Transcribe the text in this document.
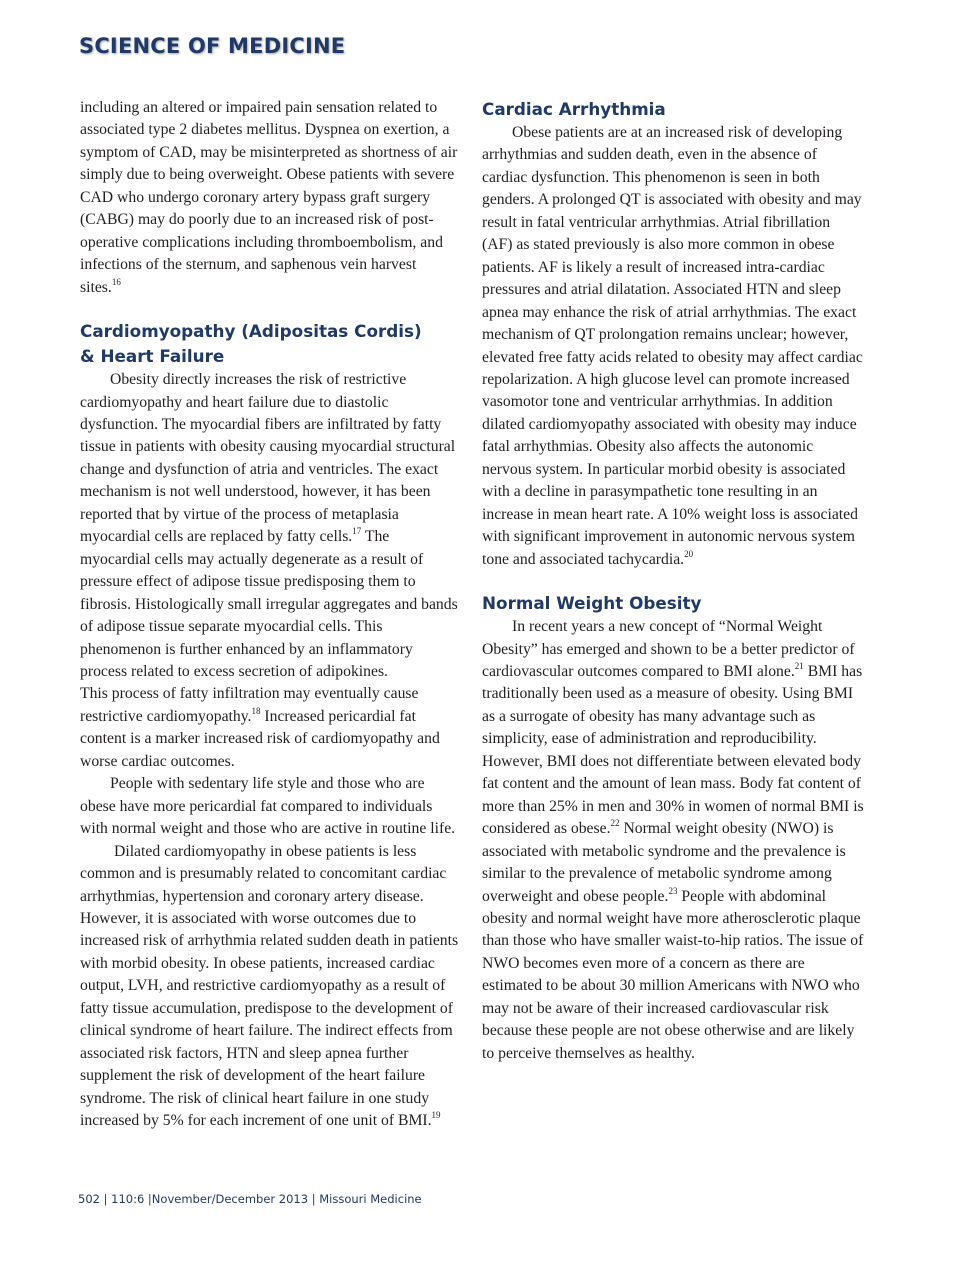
SCIENCE OF MEDICINE

including an altered or impaired pain sensation related to associated type 2 diabetes mellitus. Dyspnea on exertion, a symptom of CAD, may be misinterpreted as shortness of air simply due to being overweight. Obese patients with severe CAD who undergo coronary artery bypass graft surgery (CABG) may do poorly due to an increased risk of post-operative complications including thromboembolism, and infections of the sternum, and saphenous vein harvest sites.$^{16}$

Cardiomyopathy (Adipositas Cordis)
& Heart Failure

Obesity directly increases the risk of restrictive cardiomyopathy and heart failure due to diastolic dysfunction. The myocardial fibers are infiltrated by fatty tissue in patients with obesity causing myocardial structural change and dysfunction of atria and ventricles. The exact mechanism is not well understood, however, it has been reported that by virtue of the process of metaplasia myocardial cells are replaced by fatty cells.$^{17}$ The myocardial cells may actually degenerate as a result of pressure effect of adipose tissue predisposing them to fibrosis. Histologically small irregular aggregates and bands of adipose tissue separate myocardial cells. This phenomenon is further enhanced by an inflammatory process related to excess secretion of adipokines.

This process of fatty infiltration may eventually cause restrictive cardiomyopathy.$^{18}$ Increased pericardial fat content is a marker increased risk of cardiomyopathy and worse cardiac outcomes.

People with sedentary life style and those who are obese have more pericardial fat compared to individuals with normal weight and those who are active in routine life.

Dilated cardiomyopathy in obese patients is less common and is presumably related to concomitant cardiac arrhythmias, hypertension and coronary artery disease. However, it is associated with worse outcomes due to increased risk of arrhythmia related sudden death in patients with morbid obesity. In obese patients, increased cardiac output, LVH, and restrictive cardiomyopathy as a result of fatty tissue accumulation, predispose to the development of clinical syndrome of heart failure. The indirect effects from associated risk factors, HTN and sleep apnea further supplement the risk of development of the heart failure syndrome. The risk of clinical heart failure in one study increased by 5% for each increment of one unit of BMI.$^{19}$

Cardiac Arrhythmia

Obese patients are at an increased risk of developing arrhythmias and sudden death, even in the absence of cardiac dysfunction. This phenomenon is seen in both genders. A prolonged QT is associated with obesity and may result in fatal ventricular arrhythmias. Atrial fibrillation (AF) as stated previously is also more common in obese patients. AF is likely a result of increased intra-cardiac pressures and atrial dilatation. Associated HTN and sleep apnea may enhance the risk of atrial arrhythmias. The exact mechanism of QT prolongation remains unclear; however, elevated free fatty acids related to obesity may affect cardiac repolarization. A high glucose level can promote increased vasomotor tone and ventricular arrhythmias. In addition dilated cardiomyopathy associated with obesity may induce fatal arrhythmias. Obesity also affects the autonomic nervous system. In particular morbid obesity is associated with a decline in parasympathetic tone resulting in an increase in mean heart rate. A 10% weight loss is associated with significant improvement in autonomic nervous system tone and associated tachycardia.$^{20}$

Normal Weight Obesity

In recent years a new concept of “Normal Weight Obesity” has emerged and shown to be a better predictor of cardiovascular outcomes compared to BMI alone.$^{21}$ BMI has traditionally been used as a measure of obesity. Using BMI as a surrogate of obesity has many advantage such as simplicity, ease of administration and reproducibility. However, BMI does not differentiate between elevated body fat content and the amount of lean mass. Body fat content of more than 25% in men and 30% in women of normal BMI is considered as obese.$^{22}$ Normal weight obesity (NWO) is associated with metabolic syndrome and the prevalence is similar to the prevalence of metabolic syndrome among overweight and obese people.$^{23}$ People with abdominal obesity and normal weight have more atherosclerotic plaque than those who have smaller waist-to-hip ratios. The issue of NWO becomes even more of a concern as there are estimated to be about 30 million Americans with NWO who may not be aware of their increased cardiovascular risk because these people are not obese otherwise and are likely to perceive themselves as healthy.

502 | 110:6 |November/December 2013 | Missouri Medicine
